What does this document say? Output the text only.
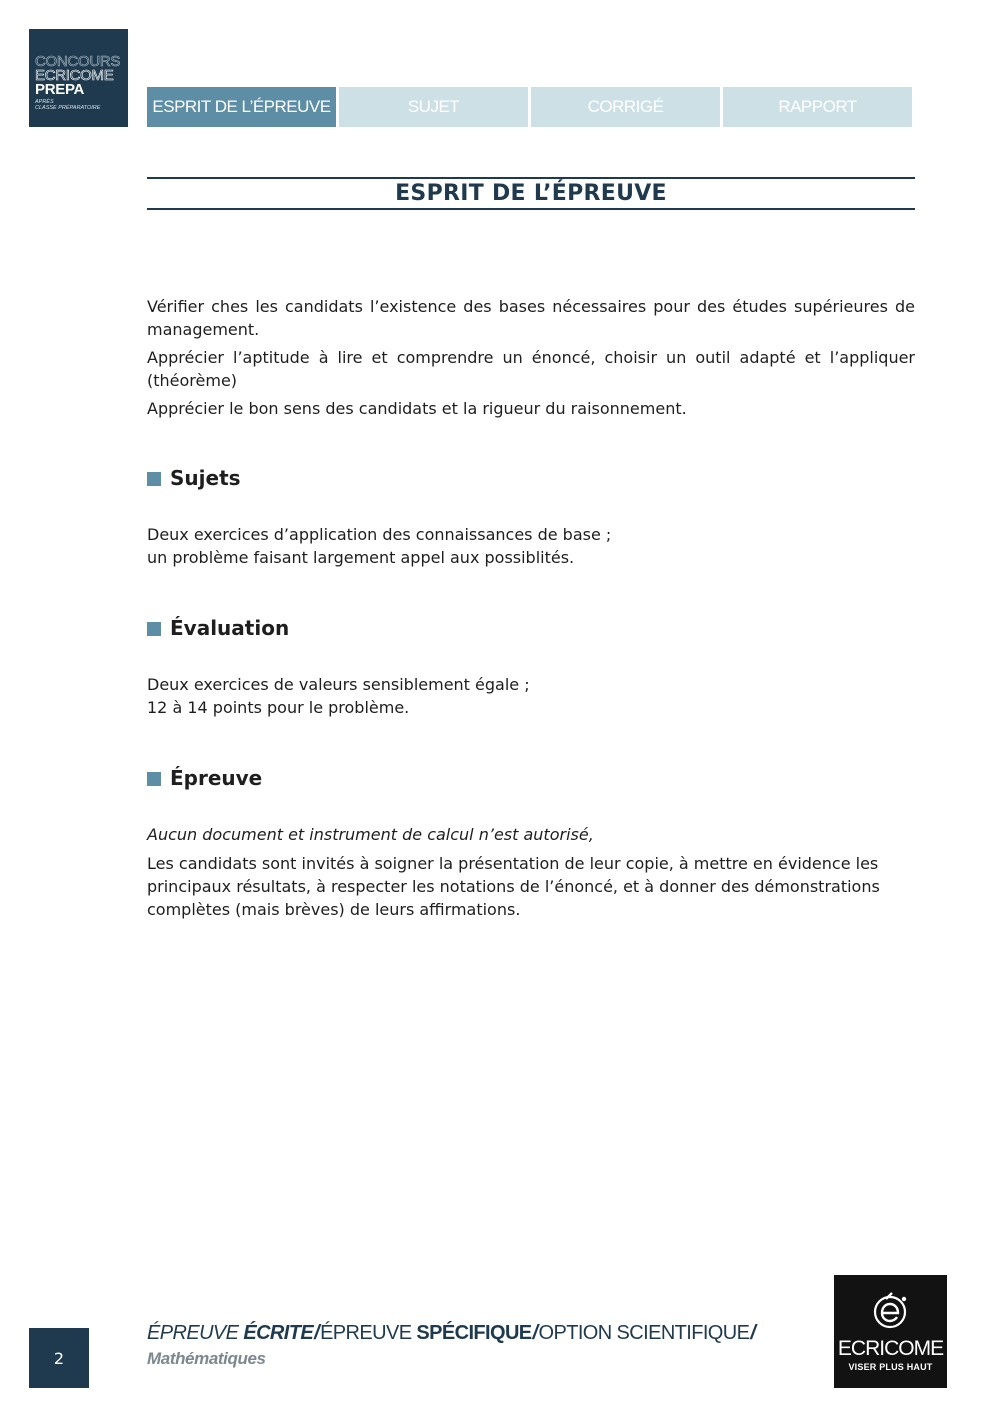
CONCOURS
ECRICOME
PREPA
APRÈS
CLASSE PRÉPARATOIRE	ESPRIT DE L’ÉPREUVE	SUJET	CORRIGÉ	RAPPORT
ESPRIT DE L’ÉPREUVE

Vérifier ches les candidats l’existence des bases nécessaires pour des études supérieures de management.

Apprécier l’aptitude à lire et comprendre un énoncé, choisir un outil adapté et l’appliquer (théorème)

Apprécier le bon sens des candidats et la rigueur du raisonnement.

Sujets

Deux exercices d’application des connaissances de base ;

un problème faisant largement appel aux possiblités.

Évaluation

Deux exercices de valeurs sensiblement égale ;

12 à 14 points pour le problème.

Épreuve

Aucun document et instrument de calcul n’est autorisé,

Les candidats sont invités à soigner la présentation de leur copie, à mettre en évidence les principaux résultats, à respecter les notations de l’énoncé, et à donner des démonstrations complètes (mais brèves) de leurs affirmations.

2
ÉPREUVE ÉCRITE/ÉPREUVE SPÉCIFIQUE/OPTION SCIENTIFIQUE/
Mathématiques	ECRICOME
VISER PLUS HAUT
